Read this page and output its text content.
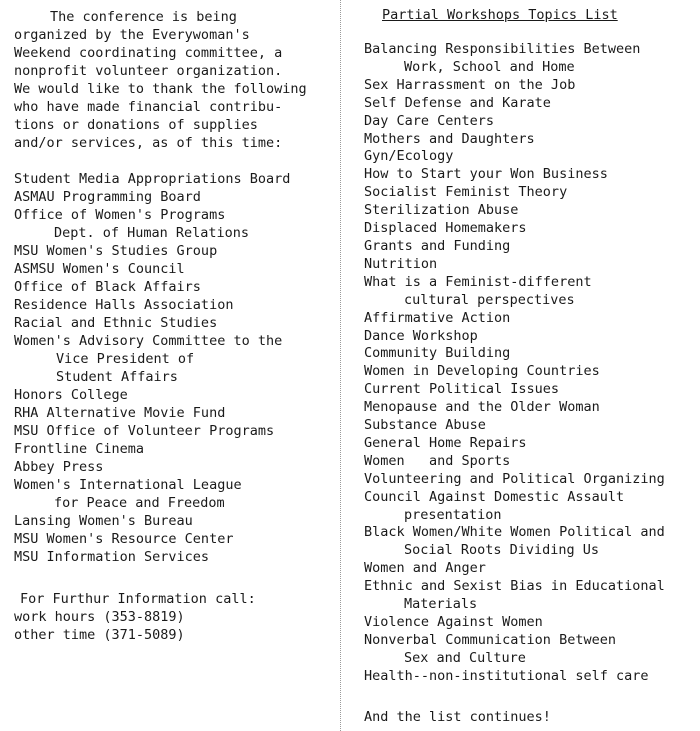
The conference is being
organized by the Everywoman's
Weekend coordinating committee, a
nonprofit volunteer organization.
We would like to thank the following
who have made financial contribu-
tions or donations of supplies
and/or services, as of this time:
Student Media Appropriations Board
ASMAU Programming Board
Office of Women's Programs
Dept. of Human Relations
MSU Women's Studies Group
ASMSU Women's Council
Office of Black Affairs
Residence Halls Association
Racial and Ethnic Studies
Women's Advisory Committee to the
Vice President of
Student Affairs
Honors College
RHA Alternative Movie Fund
MSU Office of Volunteer Programs
Frontline Cinema
Abbey Press
Women's International League
for Peace and Freedom
Lansing Women's Bureau
MSU Women's Resource Center
MSU Information Services
For Furthur Information call:
work hours (353-8819)
other time (371-5089)
Partial Workshops Topics List
Balancing Responsibilities Between
Work, School and Home
Sex Harrassment on the Job
Self Defense and Karate
Day Care Centers
Mothers and Daughters
Gyn/Ecology
How to Start your Won Business
Socialist Feminist Theory
Sterilization Abuse
Displaced Homemakers
Grants and Funding
Nutrition
What is a Feminist-different
cultural perspectives
Affirmative Action
Dance Workshop
Community Building
Women in Developing Countries
Current Political Issues
Menopause and the Older Woman
Substance Abuse
General Home Repairs
Women   and Sports
Volunteering and Political Organizing
Council Against Domestic Assault
presentation
Black Women/White Women Political and
Social Roots Dividing Us
Women and Anger
Ethnic and Sexist Bias in Educational
Materials
Violence Against Women
Nonverbal Communication Between
Sex and Culture
Health--non-institutional self care
And the list continues!
